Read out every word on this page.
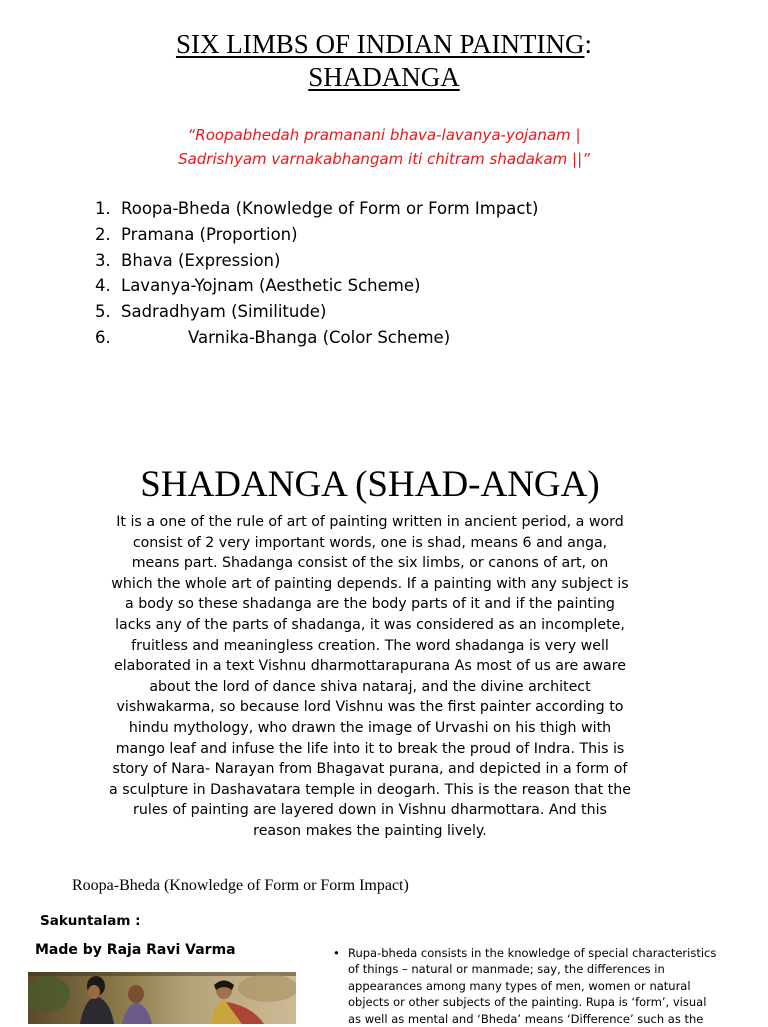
SIX LIMBS OF INDIAN PAINTING:
SHADANGA
“Roopabhedah pramanani bhava-lavanya-yojanam |
Sadrishyam varnakabhangam iti chitram shadakam ||”
1. Roopa-Bheda (Knowledge of Form or Form Impact)
2. Pramana (Proportion)
3. Bhava (Expression)
4. Lavanya-Yojnam (Aesthetic Scheme)
5. Sadradhyam (Similitude)
6.	Varnika-Bhanga (Color Scheme)
SHADANGA (SHAD-ANGA)
It is a one of the rule of art of painting written in ancient period, a word
consist of 2 very important words, one is shad, means 6 and anga,
means part. Shadanga consist of the six limbs, or canons of art, on
which the whole art of painting depends. If a painting with any subject is
a body so these shadanga are the body parts of it and if the painting
lacks any of the parts of shadanga, it was considered as an incomplete,
fruitless and meaningless creation. The word shadanga is very well
elaborated in a text Vishnu dharmottarapurana As most of us are aware
about the lord of dance shiva nataraj, and the divine architect
vishwakarma, so because lord Vishnu was the first painter according to
hindu mythology, who drawn the image of Urvashi on his thigh with
mango leaf and infuse the life into it to break the proud of Indra. This is
story of Nara- Narayan from Bhagavat purana, and depicted in a form of
a sculpture in Dashavatara temple in deogarh. This is the reason that the
rules of painting are layered down in Vishnu dharmottara. And this
reason makes the painting lively.
Roopa-Bheda (Knowledge of Form or Form Impact)
Sakuntalam :
Made by Raja Ravi Varma	• Rupa-bheda consists in the knowledge of special characteristics
of things – natural or manmade; say, the differences in
appearances among many types of men, women or natural
objects or other subjects of the painting. Rupa is ‘form’, visual
as well as mental and ‘Bheda’ means ‘Difference’ such as the
